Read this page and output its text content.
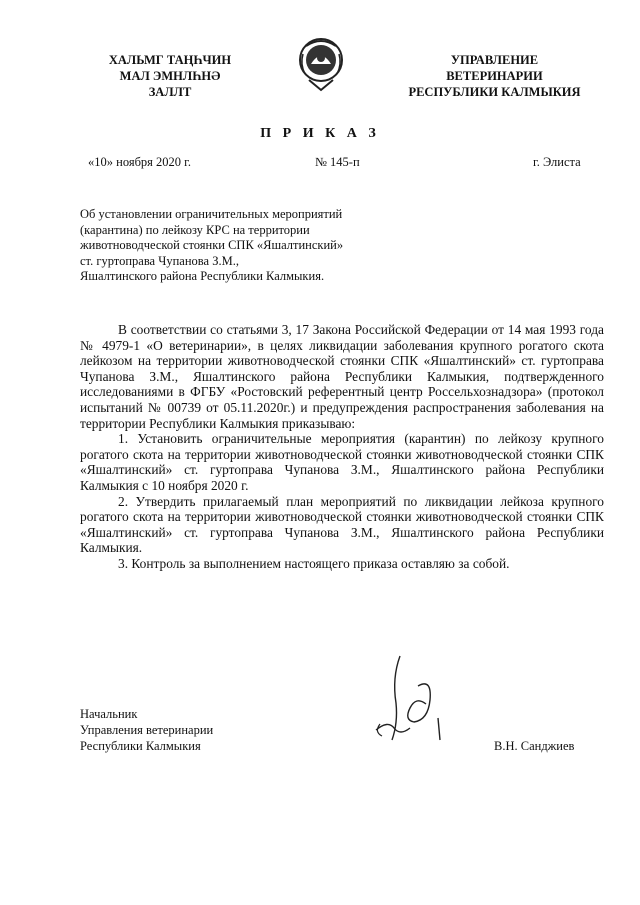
ХАЛЬМГ ТАҢҺЧИН
МАЛ ЭМНЛҺНӘ
ЗАЛЛТ
УПРАВЛЕНИЕ
ВЕТЕРИНАРИИ
РЕСПУБЛИКИ КАЛМЫКИЯ
П Р И К А З
«10» ноября 2020 г.	№ 145-п	г. Элиста
Об установлении ограничительных мероприятий
(карантина) по лейкозу КРС на территории
животноводческой стоянки СПК «Яшалтинский»
ст. гуртоправа Чупанова З.М.,
Яшалтинского района Республики Калмыкия.

В соответствии со статьями 3, 17 Закона Российской Федерации от 14 мая 1993 года № 4979-1 «О ветеринарии», в целях ликвидации заболевания крупного рогатого скота лейкозом на территории животноводческой стоянки СПК «Яшалтинский» ст. гуртоправа Чупанова З.М., Яшалтинского района Республики Калмыкия, подтвержденного исследованиями в ФГБУ «Ростовский референтный центр Россельхознадзора» (протокол испытаний № 00739 от 05.11.2020г.) и предупреждения распространения заболевания на территории Республики Калмыкия приказываю:

1. Установить ограничительные мероприятия (карантин) по лейкозу крупного рогатого скота на территории животноводческой стоянки животноводческой стоянки СПК «Яшалтинский» ст. гуртоправа Чупанова З.М., Яшалтинского района Республики Калмыкия с 10 ноября 2020 г.

2. Утвердить прилагаемый план мероприятий по ликвидации лейкоза крупного рогатого скота на территории животноводческой стоянки животноводческой стоянки СПК «Яшалтинский» ст. гуртоправа Чупанова З.М., Яшалтинского района Республики Калмыкия.

3. Контроль за выполнением настоящего приказа оставляю за собой.

Начальник
Управления ветеринарии
Республики Калмыкия	В.Н. Санджиев
